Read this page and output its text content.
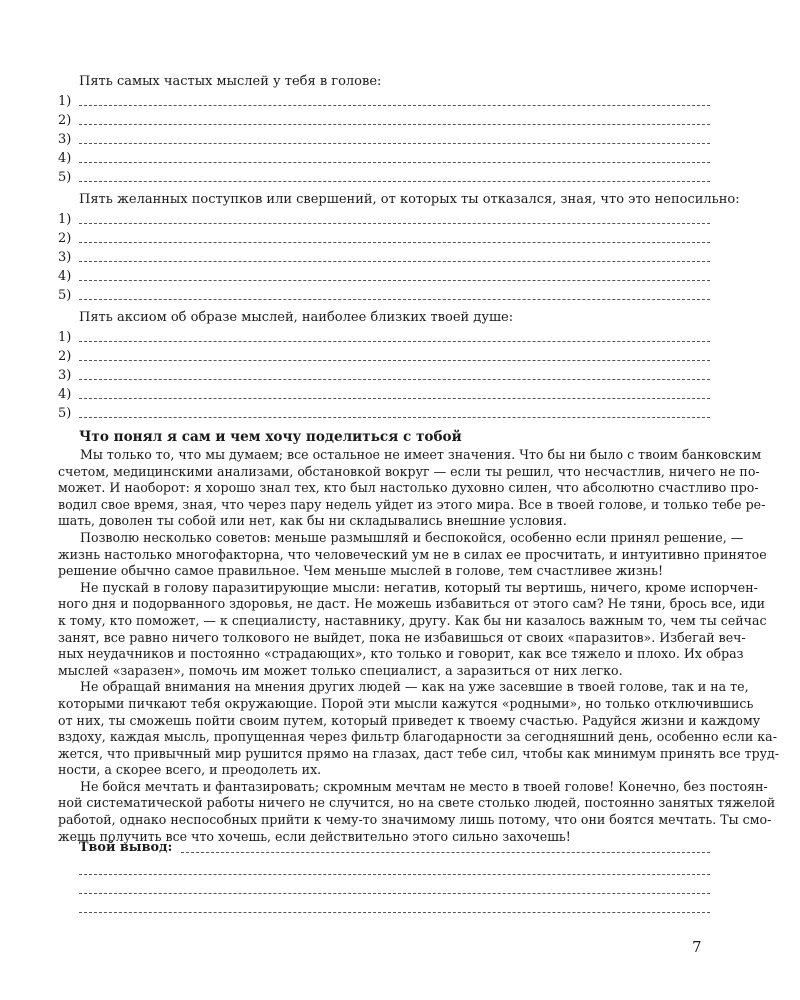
Пять самых частых мыслей у тебя в голове:
1)
2)
3)
4)
5)
Пять желанных поступков или свершений, от которых ты отказался, зная, что это непосильно:
1)
2)
3)
4)
5)
Пять аксиом об образе мыслей, наиболее близких твоей душе:
1)
2)
3)
4)
5)
Что понял я сам и чем хочу поделиться с тобой

Мы только то, что мы думаем; все остальное не имеет значения. Что бы ни было с твоим банковским
счетом, медицинскими анализами, обстановкой вокруг — если ты решил, что несчастлив, ничего не по-
может. И наоборот: я хорошо знал тех, кто был настолько духовно силен, что абсолютно счастливо про-
водил свое время, зная, что через пару недель уйдет из этого мира. Все в твоей голове, и только тебе ре-
шать, доволен ты собой или нет, как бы ни складывались внешние условия.

Позволю несколько советов: меньше размышляй и беспокойся, особенно если принял решение, —
жизнь настолько многофакторна, что человеческий ум не в силах ее просчитать, и интуитивно принятое
решение обычно самое правильное. Чем меньше мыслей в голове, тем счастливее жизнь!

Не пускай в голову паразитирующие мысли: негатив, который ты вертишь, ничего, кроме испорчен-
ного дня и подорванного здоровья, не даст. Не можешь избавиться от этого сам? Не тяни, брось все, иди
к тому, кто поможет, — к специалисту, наставнику, другу. Как бы ни казалось важным то, чем ты сейчас
занят, все равно ничего толкового не выйдет, пока не избавишься от своих «паразитов». Избегай веч-
ных неудачников и постоянно «страдающих», кто только и говорит, как все тяжело и плохо. Их образ
мыслей «заразен», помочь им может только специалист, а заразиться от них легко.

Не обращай внимания на мнения других людей — как на уже засевшие в твоей голове, так и на те,
которыми пичкают тебя окружающие. Порой эти мысли кажутся «родными», но только отключившись
от них, ты сможешь пойти своим путем, который приведет к твоему счастью. Радуйся жизни и каждому
вздоху, каждая мысль, пропущенная через фильтр благодарности за сегодняшний день, особенно если ка-
жется, что привычный мир рушится прямо на глазах, даст тебе сил, чтобы как минимум принять все труд-
ности, а скорее всего, и преодолеть их.

Не бойся мечтать и фантазировать; скромным мечтам не место в твоей голове! Конечно, без постоян-
ной систематической работы ничего не случится, но на свете столько людей, постоянно занятых тяжелой
работой, однако неспособных прийти к чему-то значимому лишь потому, что они боятся мечтать. Ты смо-
жешь получить все что хочешь, если действительно этого сильно захочешь!

Твой вывод:
7
